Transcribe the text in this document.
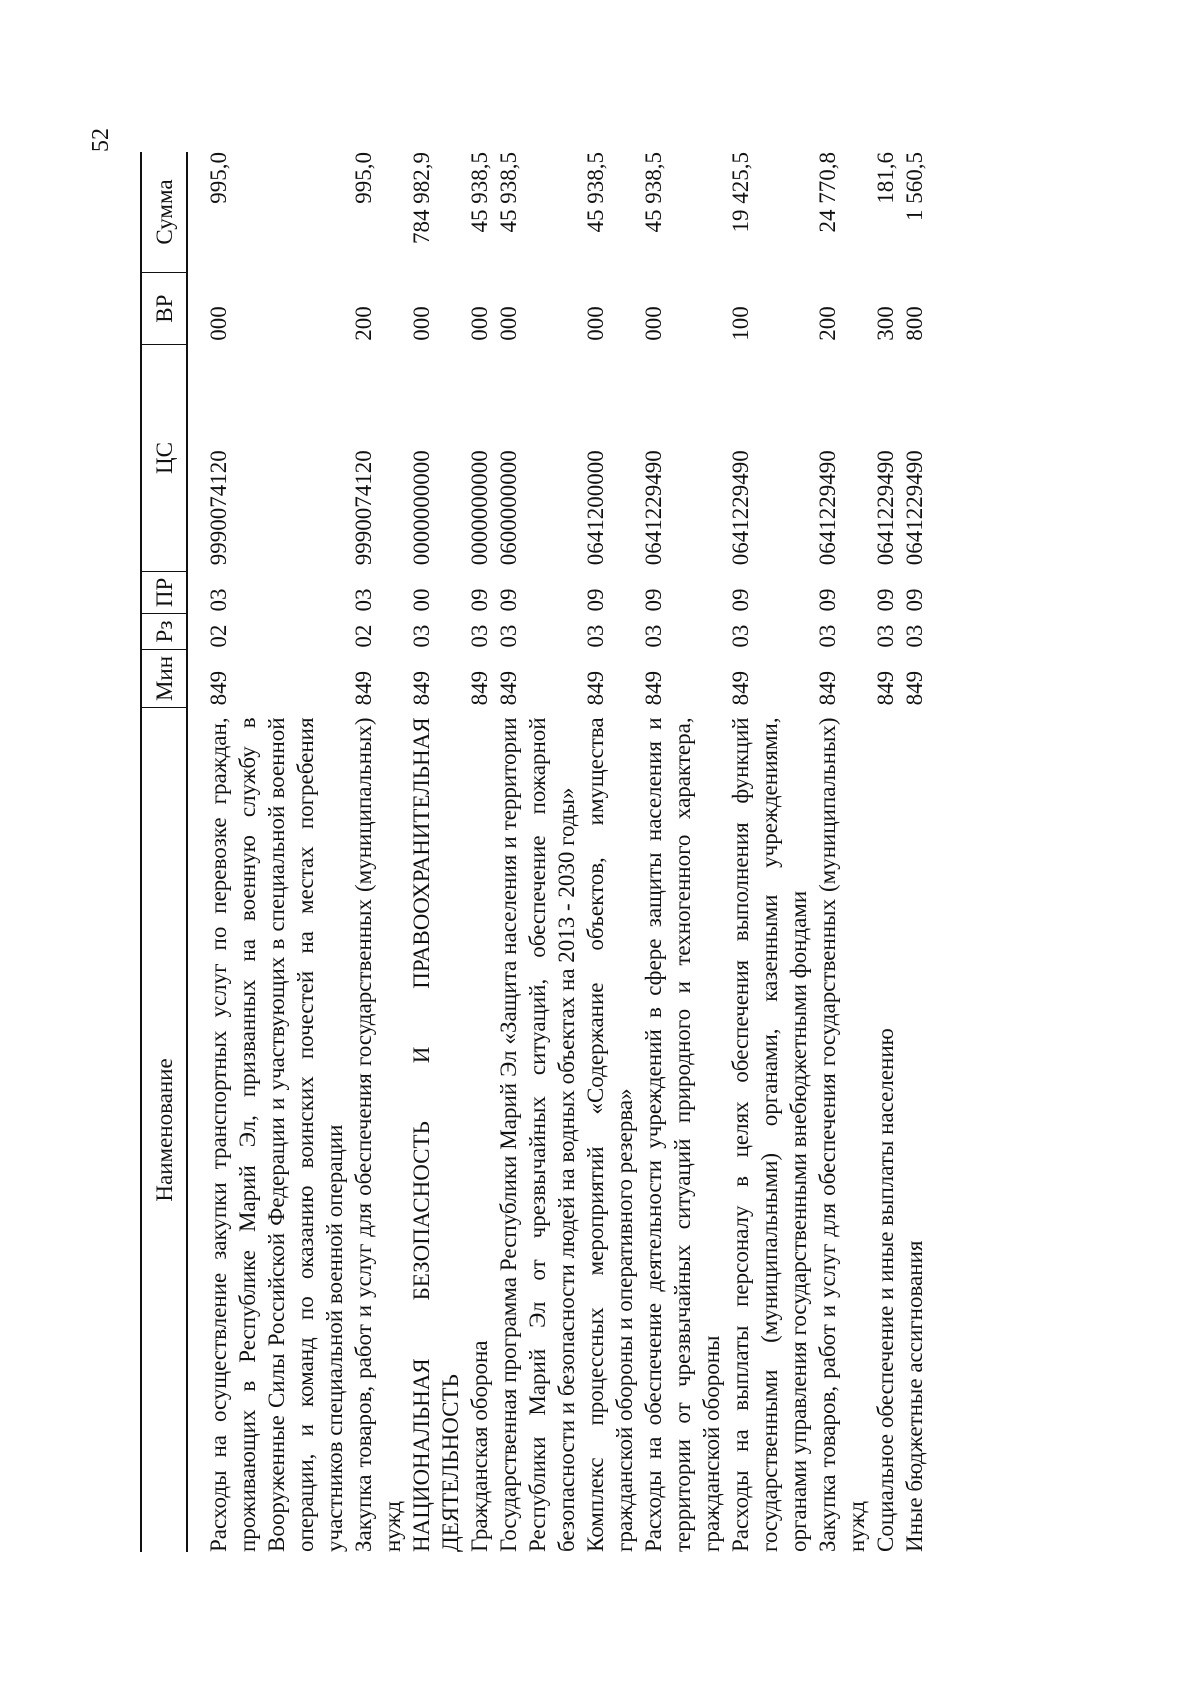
52
Наименование	Мин	Рз	ПР	ЦС	ВР	Сумма
Расходы на осуществление закупки транспортных услуг по перевозке граждан, проживающих в Республике Марий Эл, призванных на военную службу в Вооруженные Силы Российской Федерации и участвующих в специальной военной операции, и команд по оказанию воинских почестей на местах погребения участников специальной военной операции	849	02	03	9990074120	000	995,0
Закупка товаров, работ и услуг для обеспечения государственных (муниципальных) нужд	849	02	03	9990074120	200	995,0
НАЦИОНАЛЬНАЯ БЕЗОПАСНОСТЬ И ПРАВООХРАНИТЕЛЬНАЯ ДЕЯТЕЛЬНОСТЬ	849	03	00	0000000000	000	784 982,9
Гражданская оборона	849	03	09	0000000000	000	45 938,5
Государственная программа Республики Марий Эл «Защита населения и территории Республики Марий Эл от чрезвычайных ситуаций, обеспечение пожарной безопасности и безопасности людей на водных объектах на 2013 - 2030 годы»	849	03	09	0600000000	000	45 938,5
Комплекс процессных мероприятий «Содержание объектов, имущества гражданской обороны и оперативного резерва»	849	03	09	0641200000	000	45 938,5
Расходы на обеспечение деятельности учреждений в сфере защиты населения и территории от чрезвычайных ситуаций природного и техногенного характера, гражданской обороны	849	03	09	0641229490	000	45 938,5
Расходы на выплаты персоналу в целях обеспечения выполнения функций государственными (муниципальными) органами, казенными учреждениями, органами управления государственными внебюджетными фондами	849	03	09	0641229490	100	19 425,5
Закупка товаров, работ и услуг для обеспечения государственных (муниципальных) нужд	849	03	09	0641229490	200	24 770,8
Социальное обеспечение и иные выплаты населению	849	03	09	0641229490	300	181,6
Иные бюджетные ассигнования	849	03	09	0641229490	800	1 560,5
